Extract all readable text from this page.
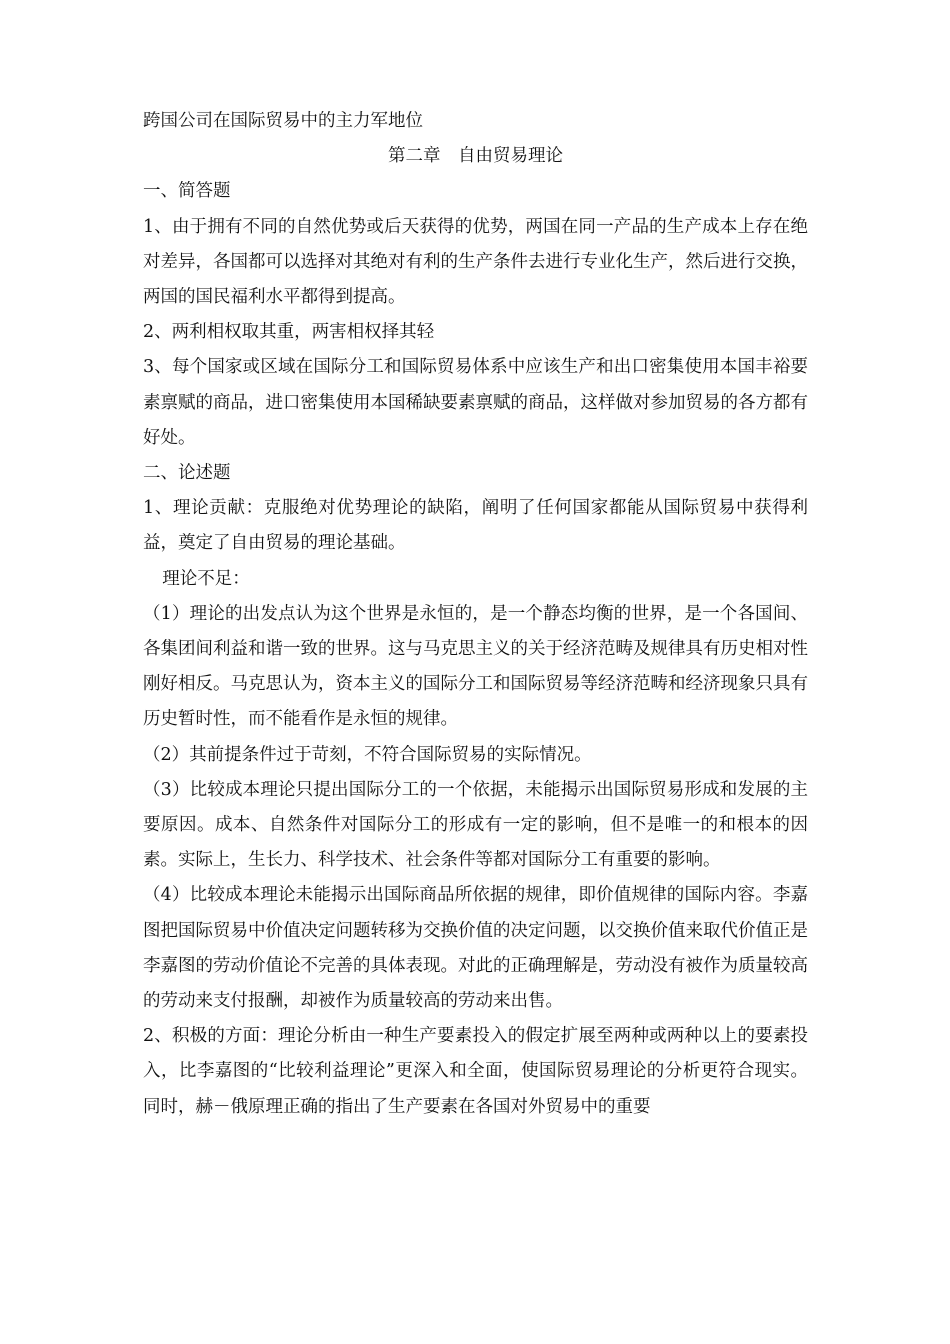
跨国公司在国际贸易中的主力军地位

第二章　自由贸易理论

一、简答题

1、由于拥有不同的自然优势或后天获得的优势，两国在同一产品的生产成本上存在绝对差异，各国都可以选择对其绝对有利的生产条件去进行专业化生产，然后进行交换，两国的国民福利水平都得到提高。

2、两利相权取其重，两害相权择其轻

3、每个国家或区域在国际分工和国际贸易体系中应该生产和出口密集使用本国丰裕要素禀赋的商品，进口密集使用本国稀缺要素禀赋的商品，这样做对参加贸易的各方都有好处。

二、论述题

1、理论贡献：克服绝对优势理论的缺陷，阐明了任何国家都能从国际贸易中获得利益，奠定了自由贸易的理论基础。

理论不足：

（1）理论的出发点认为这个世界是永恒的，是一个静态均衡的世界，是一个各国间、各集团间利益和谐一致的世界。这与马克思主义的关于经济范畴及规律具有历史相对性刚好相反。马克思认为，资本主义的国际分工和国际贸易等经济范畴和经济现象只具有历史暂时性，而不能看作是永恒的规律。

（2）其前提条件过于苛刻，不符合国际贸易的实际情况。

（3）比较成本理论只提出国际分工的一个依据，未能揭示出国际贸易形成和发展的主要原因。成本、自然条件对国际分工的形成有一定的影响，但不是唯一的和根本的因素。实际上，生长力、科学技术、社会条件等都对国际分工有重要的影响。

（4）比较成本理论未能揭示出国际商品所依据的规律，即价值规律的国际内容。李嘉图把国际贸易中价值决定问题转移为交换价值的决定问题，以交换价值来取代价值正是李嘉图的劳动价值论不完善的具体表现。对此的正确理解是，劳动没有被作为质量较高的劳动来支付报酬，却被作为质量较高的劳动来出售。

2、积极的方面：理论分析由一种生产要素投入的假定扩展至两种或两种以上的要素投入，比李嘉图的“比较利益理论”更深入和全面，使国际贸易理论的分析更符合现实。同时，赫－俄原理正确的指出了生产要素在各国对外贸易中的重要
